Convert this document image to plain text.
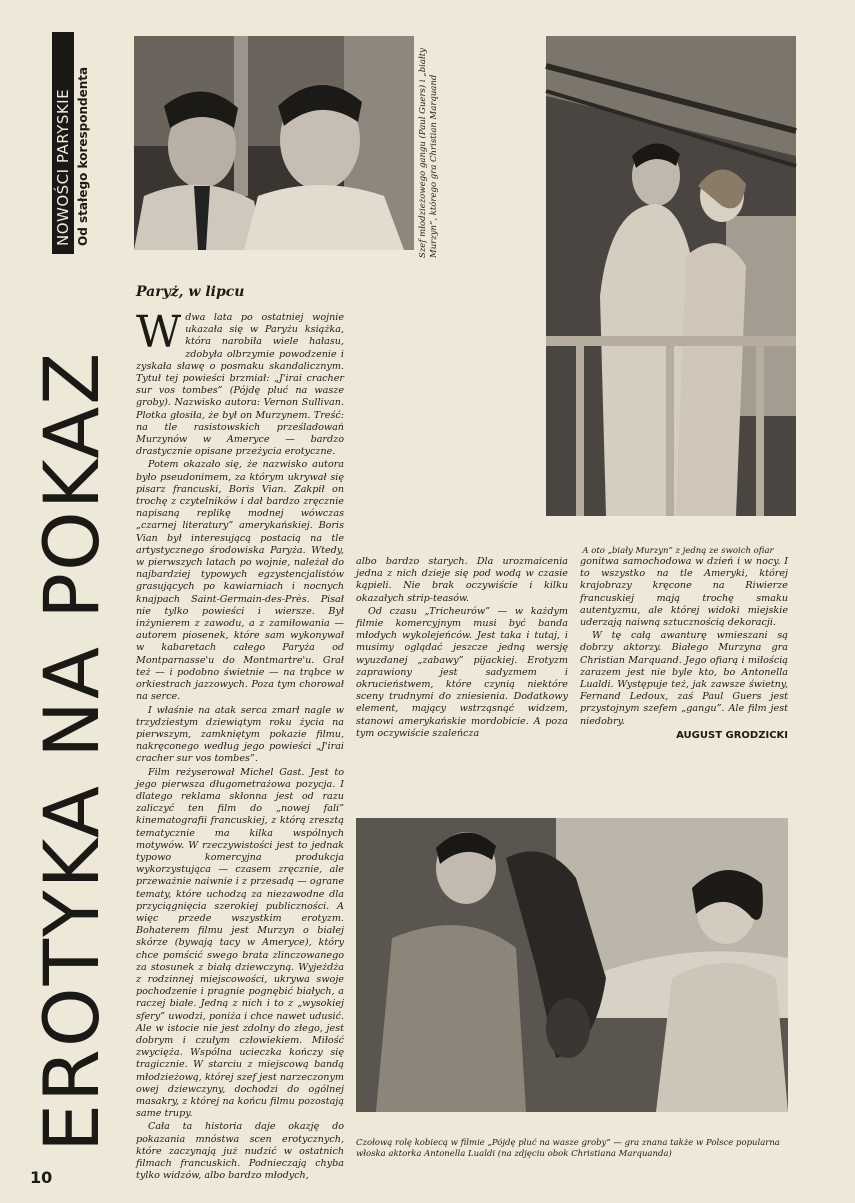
NOWOŚCI PARYSKIE Od stałego korespondenta
EROTYKA NA POKAZ
Szef młodzieżowego gangu (Paul Guers) i „białty Murzyn”, którego gra Christian Marquand
A oto „biały Murzyn” z jedną ze swoich ofiar
Paryż, w lipcu

Wdwa lata po ostatniej wojnie ukazała się w Paryżu książka, która narobiła wiele hałasu, zdobyła olbrzymie powodzenie i zyskała sławę o posmaku skandalicznym. Tytuł tej powieści brzmiał: „J'irai cracher sur vos tombes” (Pójdę pluć na wasze groby). Nazwisko autora: Vernon Sullivan. Plotka głosiła, że był on Murzynem. Treść: na tle rasistowskich prześladowań Murzynów w Ameryce — bardzo drastycznie opisane przeżycia erotyczne.

Potem okazało się, że nazwisko autora było pseudonimem, za którym ukrywał się pisarz francuski, Boris Vian. Zakpił on trochę z czytelników i dał bardzo zręcznie napisaną replikę modnej wówczas „czarnej literatury” amerykańskiej. Boris Vian był interesującą postacią na tle artystycznego środowiska Paryża. Wtedy, w pierwszych latach po wojnie, należał do najbardziej typowych egzystencjalistów grasujących po kawiarniach i nocnych knajpach Saint-Germain-des-Près. Pisał nie tylko powieści i wiersze. Był inżynierem z zawodu, a z zamiłowania — autorem piosenek, które sam wykonywał w kabaretach całego Paryża od Montparnasse'u do Montmartre'u. Grał też — i podobno świetnie — na trąbce w orkiestrach jazzowych. Poza tym chorował na serce.

I właśnie na atak serca zmarł nagle w trzydziestym dziewiątym roku życia na pierwszym, zamkniętym pokazie filmu, nakręconego według jego powieści „J'irai cracher sur vos tombes”.

Film reżyserował Michel Gast. Jest to jego pierwsza długometrażowa pozycja. I dlatego reklama skłonna jest od razu zaliczyć ten film do „nowej fali” kinematografii francuskiej, z którą zresztą tematycznie ma kilka wspólnych motywów. W rzeczywistości jest to jednak typowo komercyjna produkcja wykorzystująca — czasem zręcznie, ale przeważnie naiwnie i z przesadą — ograne tematy, które uchodzą za niezawodne dla przyciągnięcia szerokiej publiczności. A więc przede wszystkim erotyzm. Bohaterem filmu jest Murzyn o białej skórze (bywają tacy w Ameryce), który chce pomścić swego brata zlinczowanego za stosunek z białą dziewczyną. Wyjeżdża z rodzinnej miejscowości, ukrywa swoje pochodzenie i pragnie pognębić białych, a raczej białe. Jedną z nich i to z „wysokiej sfery” uwodzi, poniża i chce nawet udusić. Ale w istocie nie jest zdolny do złego, jest dobrym i czułym człowiekiem. Miłość zwycięża. Wspólna ucieczka kończy się tragicznie. W starciu z miejscową bandą młodzieżową, której szef jest narzeczonym owej dziewczyny, dochodzi do ogólnej masakry, z której na końcu filmu pozostają same trupy.

Cała ta historia daje okazję do pokazania mnóstwa scen erotycznych, które zaczynają już nudzić w ostatnich filmach francuskich. Podnieczają chyba tylko widzów, albo bardzo młodych,

albo bardzo starych. Dla urozmaicenia jedna z nich dzieje się pod wodą w czasie kąpieli. Nie brak oczywiście i kilku okazałych strip-teasów.

Od czasu „Tricheurów” — w każdym filmie komercyjnym musi być banda młodych wykolejeńców. Jest taka i tutaj, i musimy oglądać jeszcze jedną wersję wyuzdanej „zabawy” pijackiej. Erotyzm zaprawiony jest sadyzmem i okrucieństwem, które czynią niektóre sceny trudnymi do zniesienia. Dodatkowy element, mający wstrząsnąć widzem, stanowi amerykańskie mordobicie. A poza tym oczywiście szaleńcza

gonitwa samochodowa w dzień i w nocy. I to wszystko na tle Ameryki, której krajobrazy kręcone na Riwierze francuskiej mają trochę smaku autentyzmu, ale której widoki miejskie uderzają naiwną sztucznością dekoracji.

W tę całą awanturę wmieszani są dobrzy aktorzy. Białego Murzyna gra Christian Marquand. Jego ofiarą i miłością zarazem jest nie byle kto, bo Antonella Lualdi. Występuje też, jak zawsze świetny, Fernand Ledoux, zaś Paul Guers jest przystojnym szefem „gangu”. Ale film jest niedobry.

AUGUST GRODZICKI
Czołową rolę kobiecą w filmie „Pójdę pluć na wasze groby” — gra znana także w Polsce popularna włoska aktorka Antonella Lualdi (na zdjęciu obok Christiana Marquanda)
10
